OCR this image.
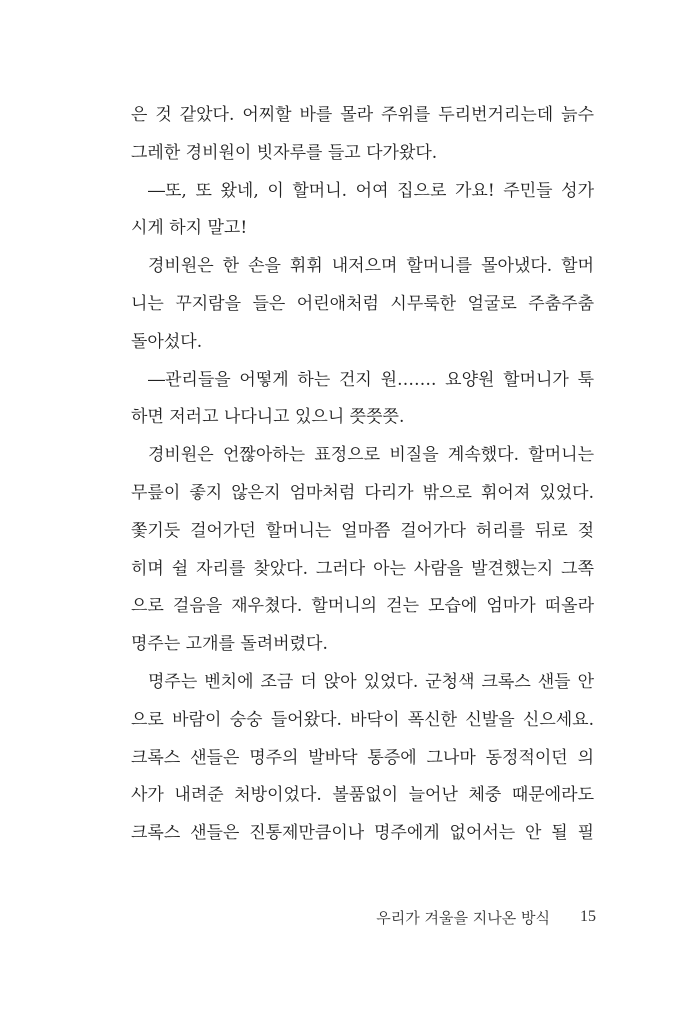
은 것 같았다. 어찌할 바를 몰라 주위를 두리번거리는데 늙수
그레한 경비원이 빗자루를 들고 다가왔다.
―또, 또 왔네, 이 할머니. 어여 집으로 가요! 주민들 성가
시게 하지 말고!
경비원은 한 손을 휘휘 내저으며 할머니를 몰아냈다. 할머
니는 꾸지람을 들은 어린애처럼 시무룩한 얼굴로 주춤주춤
돌아섰다.
―관리들을 어떻게 하는 건지 원……. 요양원 할머니가 툭
하면 저러고 나다니고 있으니 쯧쯧쯧.
경비원은 언짢아하는 표정으로 비질을 계속했다. 할머니는
무릎이 좋지 않은지 엄마처럼 다리가 밖으로 휘어져 있었다.
쫓기듯 걸어가던 할머니는 얼마쯤 걸어가다 허리를 뒤로 젖
히며 쉴 자리를 찾았다. 그러다 아는 사람을 발견했는지 그쪽
으로 걸음을 재우쳤다. 할머니의 걷는 모습에 엄마가 떠올라
명주는 고개를 돌려버렸다.
명주는 벤치에 조금 더 앉아 있었다. 군청색 크록스 샌들 안
으로 바람이 숭숭 들어왔다. 바닥이 폭신한 신발을 신으세요.
크록스 샌들은 명주의 발바닥 통증에 그나마 동정적이던 의
사가 내려준 처방이었다. 볼품없이 늘어난 체중 때문에라도
크록스 샌들은 진통제만큼이나 명주에게 없어서는 안 될 필
우리가 겨울을 지나온 방식 15
